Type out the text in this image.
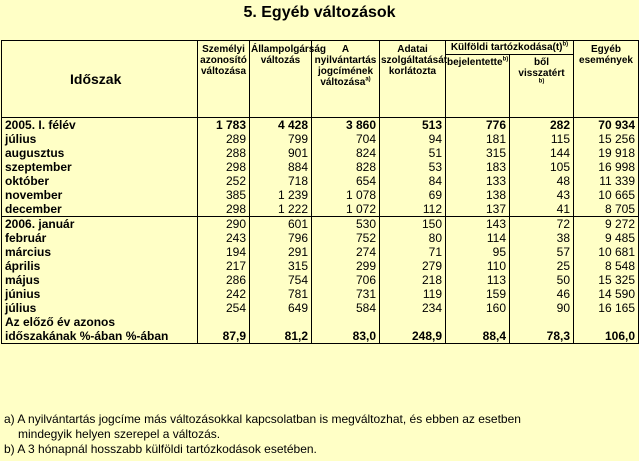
5. Egyéb változások
Időszak	Személyi azonosító változása	Állampolgárság változás	A nyilvántartás jogcímének változása$^{a)}$	Adatai szolgáltatását korlátozta	Külföldi $tartózkodása(t)^{b)}$		Egyéb események
					bejelentette$^{b)}$	ből visszatért
$^{b)}$
2005. I. félév	1 783	4 428	3 860	513	776	282	70 934
július	289	799	704	94	181	115	15 256
augusztus	288	901	824	51	315	144	19 918
szeptember	298	884	828	53	183	105	16 998
október	252	718	654	84	133	48	11 339
november	385	1 239	1 078	69	138	43	10 665
december	298	1 222	1 072	112	137	41	8 705
2006. január	290	601	530	150	143	72	9 272
február	243	796	752	80	114	38	9 485
március	194	291	274	71	95	57	10 681
április	217	315	299	279	110	25	8 548
május	286	754	706	218	113	50	15 325
június	242	781	731	119	159	46	14 590
július	254	649	584	234	160	90	16 165
Az előző év azonos							
időszakának %-ában %-ában	87,9	81,2	83,0	248,9	88,4	78,3	106,0
a) A nyilvántartás jogcíme más változásokkal kapcsolatban is megváltozhat, és ebben az esetben
mindegyik helyen szerepel a változás.
b) A 3 hónapnál hosszabb külföldi tartózkodások esetében.
